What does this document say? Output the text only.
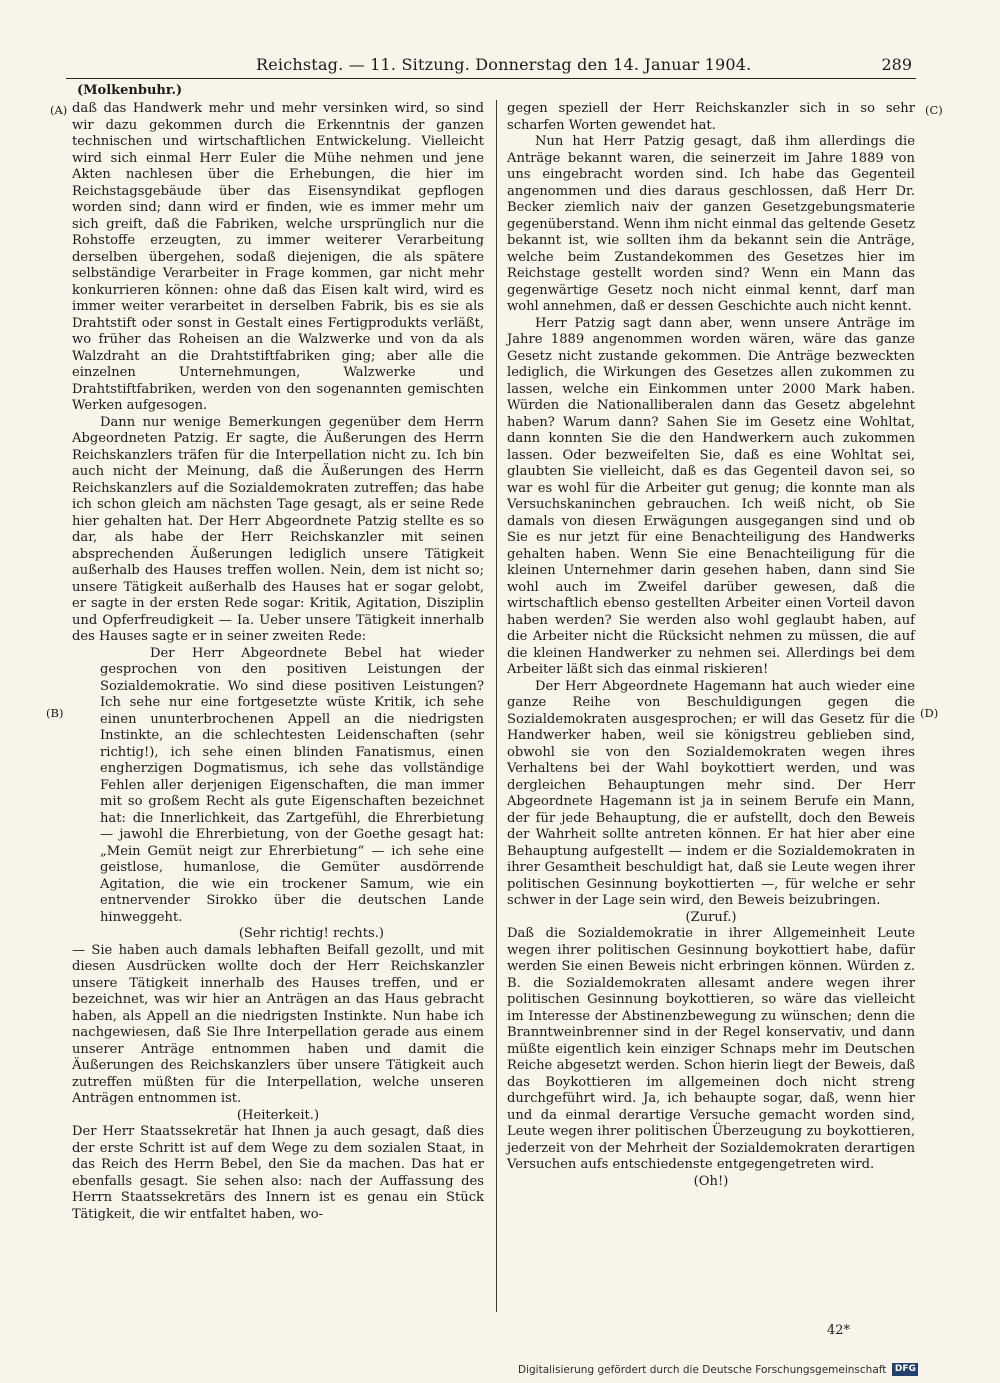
Reichstag. — 11. Sitzung. Donnerstag den 14. Januar 1904.	289
(Molkenbuhr.)
(A)
(B)
(C)
(D)

daß das Handwerk mehr und mehr versinken wird, so sind wir dazu gekommen durch die Erkenntnis der ganzen technischen und wirtschaftlichen Entwickelung. Vielleicht wird sich einmal Herr Euler die Mühe nehmen und jene Akten nachlesen über die Erhebungen, die hier im Reichstagsgebäude über das Eisensyndikat gepflogen worden sind; dann wird er finden, wie es immer mehr um sich greift, daß die Fabriken, welche ursprünglich nur die Rohstoffe erzeugten, zu immer weiterer Verarbeitung derselben übergehen, sodaß diejenigen, die als spätere selbständige Verarbeiter in Frage kommen, gar nicht mehr konkurrieren können: ohne daß das Eisen kalt wird, wird es immer weiter verarbeitet in derselben Fabrik, bis es sie als Drahtstift oder sonst in Gestalt eines Fertigprodukts verläßt, wo früher das Roheisen an die Walzwerke und von da als Walzdraht an die Drahtstiftfabriken ging; aber alle die einzelnen Unternehmungen, Walzwerke und Drahtstiftfabriken, werden von den sogenannten gemischten Werken aufgesogen.

Dann nur wenige Bemerkungen gegenüber dem Herrn Abgeordneten Patzig. Er sagte, die Äußerungen des Herrn Reichskanzlers träfen für die Interpellation nicht zu. Ich bin auch nicht der Meinung, daß die Äußerungen des Herrn Reichskanzlers auf die Sozialdemokraten zutreffen; das habe ich schon gleich am nächsten Tage gesagt, als er seine Rede hier gehalten hat. Der Herr Abgeordnete Patzig stellte es so dar, als habe der Herr Reichskanzler mit seinen absprechenden Äußerungen lediglich unsere Tätigkeit außerhalb des Hauses treffen wollen. Nein, dem ist nicht so; unsere Tätigkeit außerhalb des Hauses hat er sogar gelobt, er sagte in der ersten Rede sogar: Kritik, Agitation, Disziplin und Opferfreudigkeit — Ia. Ueber unsere Tätigkeit innerhalb des Hauses sagte er in seiner zweiten Rede:

Der Herr Abgeordnete Bebel hat wieder gesprochen von den positiven Leistungen der Sozialdemokratie. Wo sind diese positiven Leistungen? Ich sehe nur eine fortgesetzte wüste Kritik, ich sehe einen ununterbrochenen Appell an die niedrigsten Instinkte, an die schlechtesten Leidenschaften (sehr richtig!), ich sehe einen blinden Fanatismus, einen engherzigen Dogmatismus, ich sehe das vollständige Fehlen aller derjenigen Eigenschaften, die man immer mit so großem Recht als gute Eigenschaften bezeichnet hat: die Innerlichkeit, das Zartgefühl, die Ehrerbietung — jawohl die Ehrerbietung, von der Goethe gesagt hat: „Mein Gemüt neigt zur Ehrerbietung“ — ich sehe eine geistlose, humanlose, die Gemüter ausdörrende Agitation, die wie ein trockener Samum, wie ein entnervender Sirokko über die deutschen Lande hinweggeht.

(Sehr richtig! rechts.)

— Sie haben auch damals lebhaften Beifall gezollt, und mit diesen Ausdrücken wollte doch der Herr Reichskanzler unsere Tätigkeit innerhalb des Hauses treffen, und er bezeichnet, was wir hier an Anträgen an das Haus gebracht haben, als Appell an die niedrigsten Instinkte. Nun habe ich nachgewiesen, daß Sie Ihre Interpellation gerade aus einem unserer Anträge entnommen haben und damit die Äußerungen des Reichskanzlers über unsere Tätigkeit auch zutreffen müßten für die Interpellation, welche unseren Anträgen entnommen ist.

(Heiterkeit.)

Der Herr Staatssekretär hat Ihnen ja auch gesagt, daß dies der erste Schritt ist auf dem Wege zu dem sozialen Staat, in das Reich des Herrn Bebel, den Sie da machen. Das hat er ebenfalls gesagt. Sie sehen also: nach der Auffassung des Herrn Staatssekretärs des Innern ist es genau ein Stück Tätigkeit, die wir entfaltet haben, wo-

gegen speziell der Herr Reichskanzler sich in so sehr scharfen Worten gewendet hat.

Nun hat Herr Patzig gesagt, daß ihm allerdings die Anträge bekannt waren, die seinerzeit im Jahre 1889 von uns eingebracht worden sind. Ich habe das Gegenteil angenommen und dies daraus geschlossen, daß Herr Dr. Becker ziemlich naiv der ganzen Gesetzgebungsmaterie gegenüberstand. Wenn ihm nicht einmal das geltende Gesetz bekannt ist, wie sollten ihm da bekannt sein die Anträge, welche beim Zustandekommen des Gesetzes hier im Reichstage gestellt worden sind? Wenn ein Mann das gegenwärtige Gesetz noch nicht einmal kennt, darf man wohl annehmen, daß er dessen Geschichte auch nicht kennt.

Herr Patzig sagt dann aber, wenn unsere Anträge im Jahre 1889 angenommen worden wären, wäre das ganze Gesetz nicht zustande gekommen. Die Anträge bezweckten lediglich, die Wirkungen des Gesetzes allen zukommen zu lassen, welche ein Einkommen unter 2000 Mark haben. Würden die Nationalliberalen dann das Gesetz abgelehnt haben? Warum dann? Sahen Sie im Gesetz eine Wohltat, dann konnten Sie die den Handwerkern auch zukommen lassen. Oder bezweifelten Sie, daß es eine Wohltat sei, glaubten Sie vielleicht, daß es das Gegenteil davon sei, so war es wohl für die Arbeiter gut genug; die konnte man als Versuchskaninchen gebrauchen. Ich weiß nicht, ob Sie damals von diesen Erwägungen ausgegangen sind und ob Sie es nur jetzt für eine Benachteiligung des Handwerks gehalten haben. Wenn Sie eine Benachteiligung für die kleinen Unternehmer darin gesehen haben, dann sind Sie wohl auch im Zweifel darüber gewesen, daß die wirtschaftlich ebenso gestellten Arbeiter einen Vorteil davon haben werden? Sie werden also wohl geglaubt haben, auf die Arbeiter nicht die Rücksicht nehmen zu müssen, die auf die kleinen Handwerker zu nehmen sei. Allerdings bei dem Arbeiter läßt sich das einmal riskieren!

Der Herr Abgeordnete Hagemann hat auch wieder eine ganze Reihe von Beschuldigungen gegen die Sozialdemokraten ausgesprochen; er will das Gesetz für die Handwerker haben, weil sie königstreu geblieben sind, obwohl sie von den Sozialdemokraten wegen ihres Verhaltens bei der Wahl boykottiert werden, und was dergleichen Behauptungen mehr sind. Der Herr Abgeordnete Hagemann ist ja in seinem Berufe ein Mann, der für jede Behauptung, die er aufstellt, doch den Beweis der Wahrheit sollte antreten können. Er hat hier aber eine Behauptung aufgestellt — indem er die Sozialdemokraten in ihrer Gesamtheit beschuldigt hat, daß sie Leute wegen ihrer politischen Gesinnung boykottierten —, für welche er sehr schwer in der Lage sein wird, den Beweis beizubringen.

(Zuruf.)

Daß die Sozialdemokratie in ihrer Allgemeinheit Leute wegen ihrer politischen Gesinnung boykottiert habe, dafür werden Sie einen Beweis nicht erbringen können. Würden z. B. die Sozialdemokraten allesamt andere wegen ihrer politischen Gesinnung boykottieren, so wäre das vielleicht im Interesse der Abstinenzbewegung zu wünschen; denn die Branntweinbrenner sind in der Regel konservativ, und dann müßte eigentlich kein einziger Schnaps mehr im Deutschen Reiche abgesetzt werden. Schon hierin liegt der Beweis, daß das Boykottieren im allgemeinen doch nicht streng durchgeführt wird. Ja, ich behaupte sogar, daß, wenn hier und da einmal derartige Versuche gemacht worden sind, Leute wegen ihrer politischen Überzeugung zu boykottieren, jederzeit von der Mehrheit der Sozialdemokraten derartigen Versuchen aufs entschiedenste entgegengetreten wird.

(Oh!)

42*
Digitalisierung gefördert durch die Deutsche Forschungsgemeinschaft DFG
